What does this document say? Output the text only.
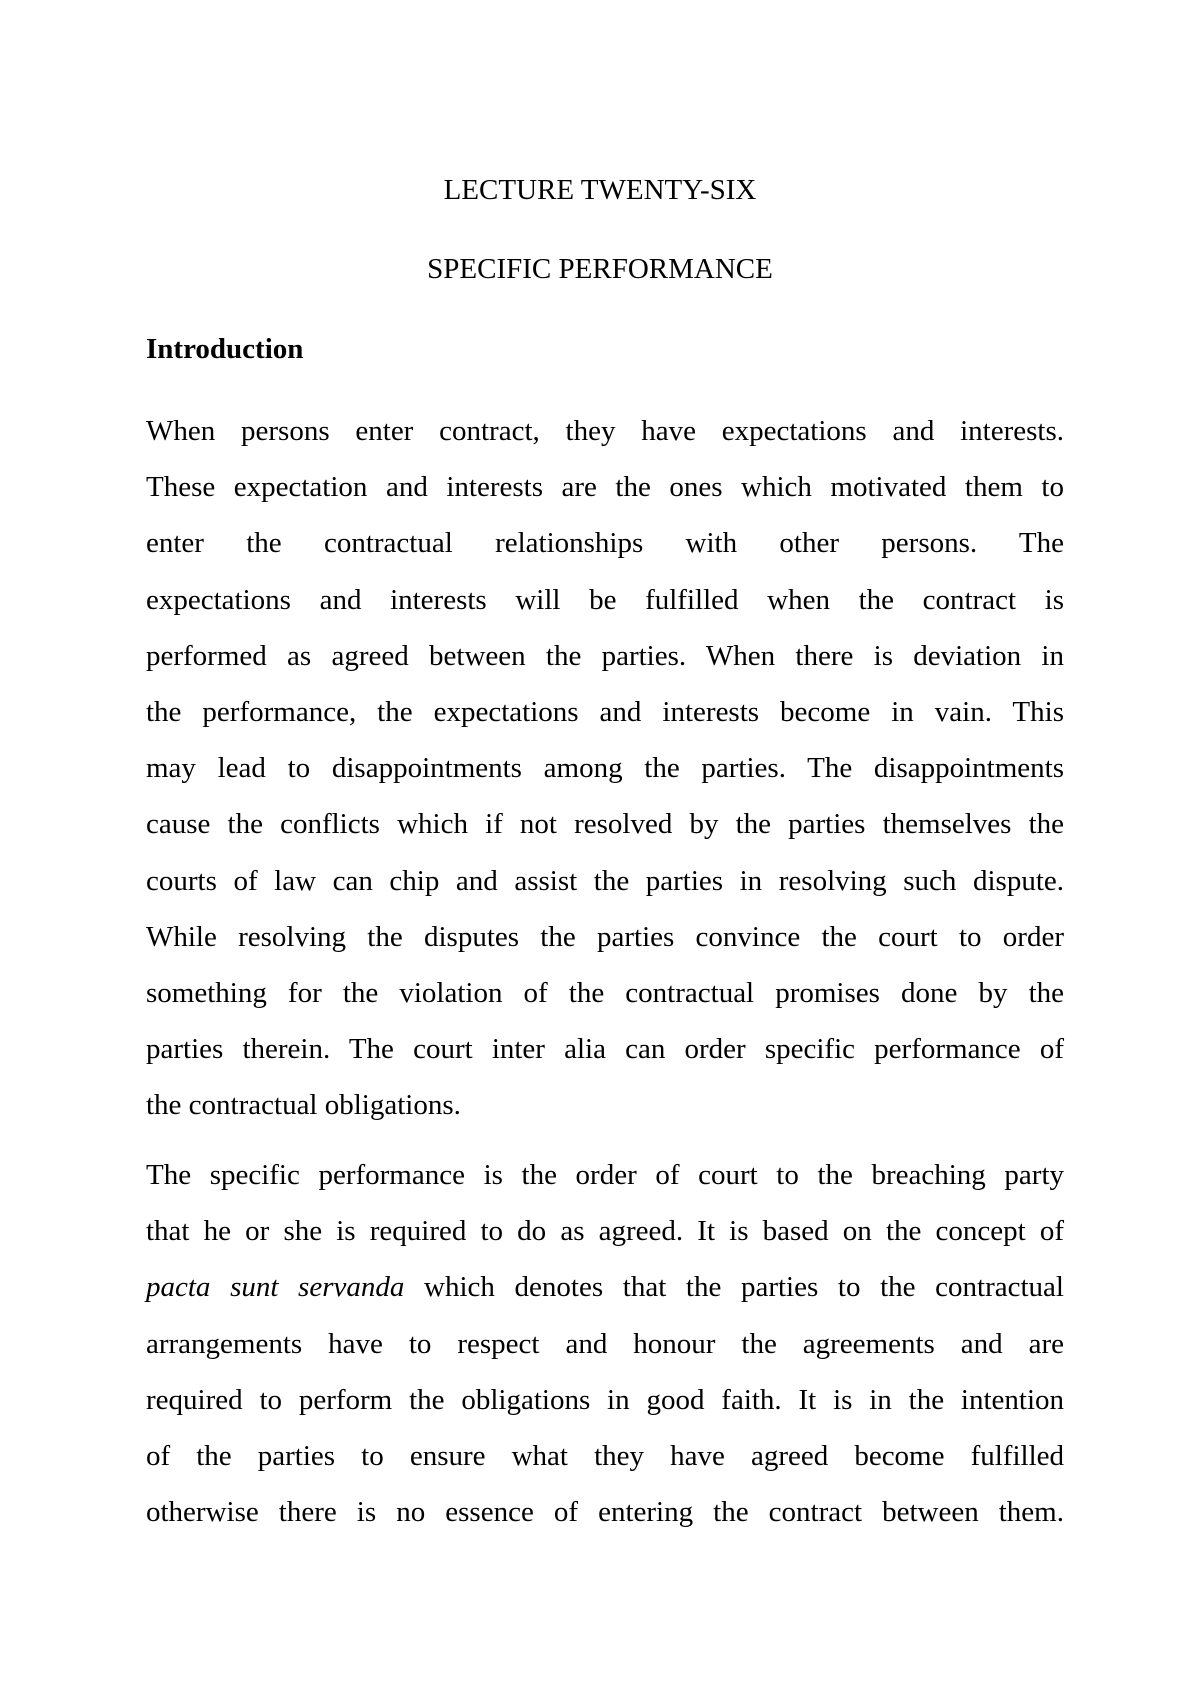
LECTURE TWENTY-SIX
SPECIFIC PERFORMANCE
Introduction
When persons enter contract, they have expectations and interests.
These expectation and interests are the ones which motivated them to
enter the contractual relationships with other persons. The
expectations and interests will be fulfilled when the contract is
performed as agreed between the parties. When there is deviation in
the performance, the expectations and interests become in vain. This
may lead to disappointments among the parties. The disappointments
cause the conflicts which if not resolved by the parties themselves the
courts of law can chip and assist the parties in resolving such dispute.
While resolving the disputes the parties convince the court to order
something for the violation of the contractual promises done by the
parties therein. The court inter alia can order specific performance of
the contractual obligations.
The specific performance is the order of court to the breaching party
that he or she is required to do as agreed. It is based on the concept of
pacta sunt servanda which denotes that the parties to the contractual
arrangements have to respect and honour the agreements and are
required to perform the obligations in good faith. It is in the intention
of the parties to ensure what they have agreed become fulfilled
otherwise there is no essence of entering the contract between them.
